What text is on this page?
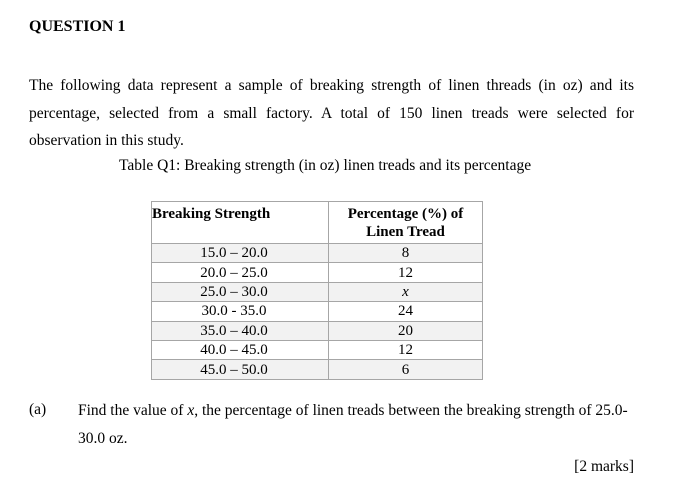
QUESTION 1
The following data represent a sample of breaking strength of linen threads (in oz) and its percentage, selected from a small factory. A total of 150 linen treads were selected for observation in this study.
Table Q1: Breaking strength (in oz) linen treads and its percentage
Breaking Strength	Percentage (%) of
Linen Tread

15.0 – 20.0	8
20.0 – 25.0	12
25.0 – 30.0	x
30.0 - 35.0	24
35.0 – 40.0	20
40.0 – 45.0	12
45.0 – 50.0	6
(a) Find the value of x, the percentage of linen treads between the breaking strength of 25.0-30.0 oz.
[2 marks]
